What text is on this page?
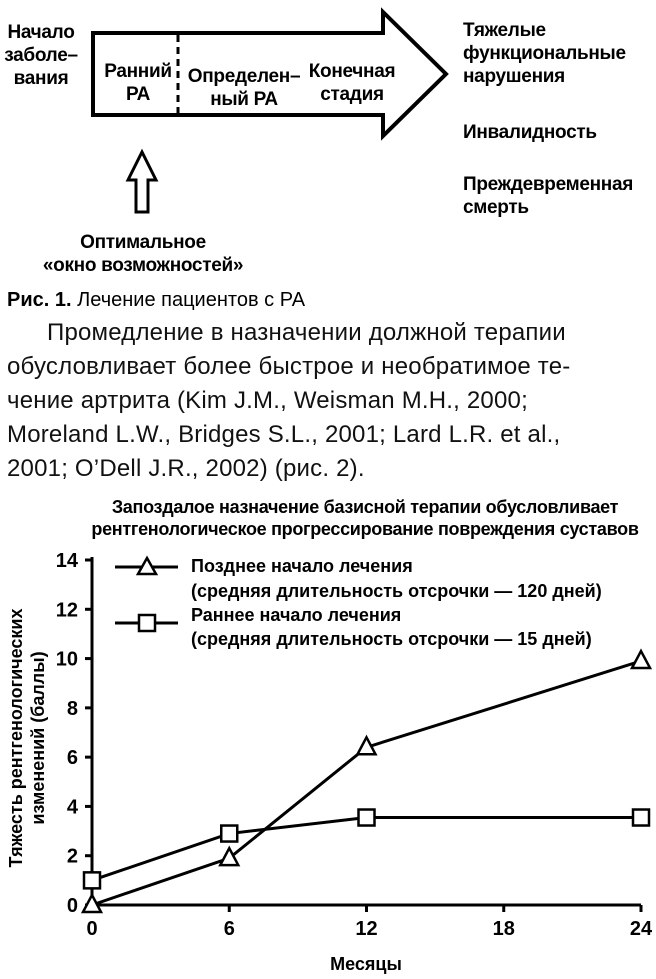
Начало
заболе–
вания	Ранний
РА
Определен–
ный РА
Конечная
стадия
Тяжелые
функциональные
нарушения
Инвалидность
Преждевременная
смерть
Оптимальное
«окно возможностей»
Рис. 1. Лечение пациентов с РА
Промедление в назначении должной терапии
обусловливает более быстрое и необратимое те-
чение артрита (Kim J.M., Weisman M.H., 2000;
Moreland L.W., Bridges S.L., 2001; Lard L.R. et al.,
2001; O’Dell J.R., 2002) (рис. 2).
Запоздалое назначение базисной терапии обусловливает
рентгенологическое прогрессирование повреждения суставов
0
2
4
6
8
10
12
14
0	6	12	18	24
Позднее начало лечения
(средняя длительность отсрочки — 120 дней)
Раннее начало лечения
(средняя длительность отсрочки — 15 дней)
Тяжесть рентгенологических изменений (баллы)
Месяцы
